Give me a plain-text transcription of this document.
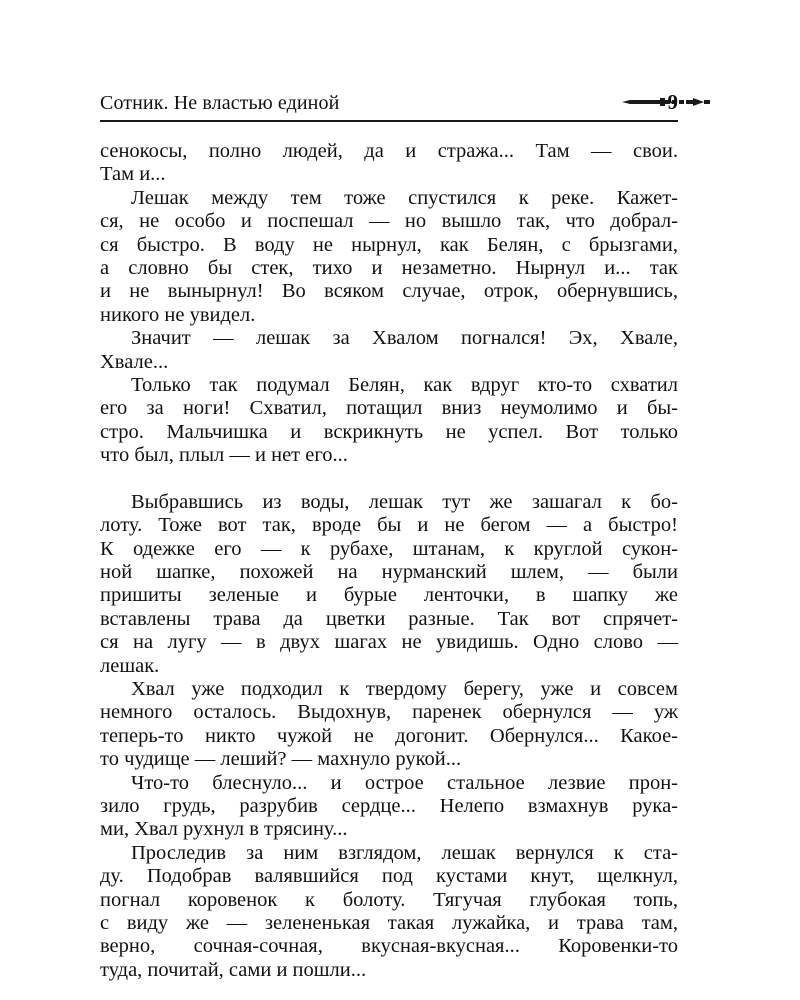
Сотник. Не властью единой	9
сенокосы, полно людей, да и стража... Там — свои.
Там и...
Лешак между тем тоже спустился к реке. Кажет-
ся, не особо и поспешал — но вышло так, что добрал-
ся быстро. В воду не нырнул, как Белян, с брызгами,
а словно бы стек, тихо и незаметно. Нырнул и... так
и не вынырнул! Во всяком случае, отрок, обернувшись,
никого не увидел.
Значит — лешак за Хвалом погнался! Эх, Хвале,
Хвале...
Только так подумал Белян, как вдруг кто-то схватил
его за ноги! Схватил, потащил вниз неумолимо и бы-
стро. Мальчишка и вскрикнуть не успел. Вот только
что был, плыл — и нет его...
Выбравшись из воды, лешак тут же зашагал к бо-
лоту. Тоже вот так, вроде бы и не бегом — а быстро!
К одежке его — к рубахе, штанам, к круглой сукон-
ной шапке, похожей на нурманский шлем, — были
пришиты зеленые и бурые ленточки, в шапку же
вставлены трава да цветки разные. Так вот спрячет-
ся на лугу — в двух шагах не увидишь. Одно слово —
лешак.
Хвал уже подходил к твердому берегу, уже и совсем
немного осталось. Выдохнув, паренек обернулся — уж
теперь-то никто чужой не догонит. Обернулся... Какое-
то чудище — леший? — махнуло рукой...
Что-то блеснуло... и острое стальное лезвие прон-
зило грудь, разрубив сердце... Нелепо взмахнув рука-
ми, Хвал рухнул в трясину...
Проследив за ним взглядом, лешак вернулся к ста-
ду. Подобрав валявшийся под кустами кнут, щелкнул,
погнал коровенок к болоту. Тягучая глубокая топь,
с виду же — зелененькая такая лужайка, и трава там,
верно, сочная-сочная, вкусная-вкусная... Коровенки-то
туда, почитай, сами и пошли...
